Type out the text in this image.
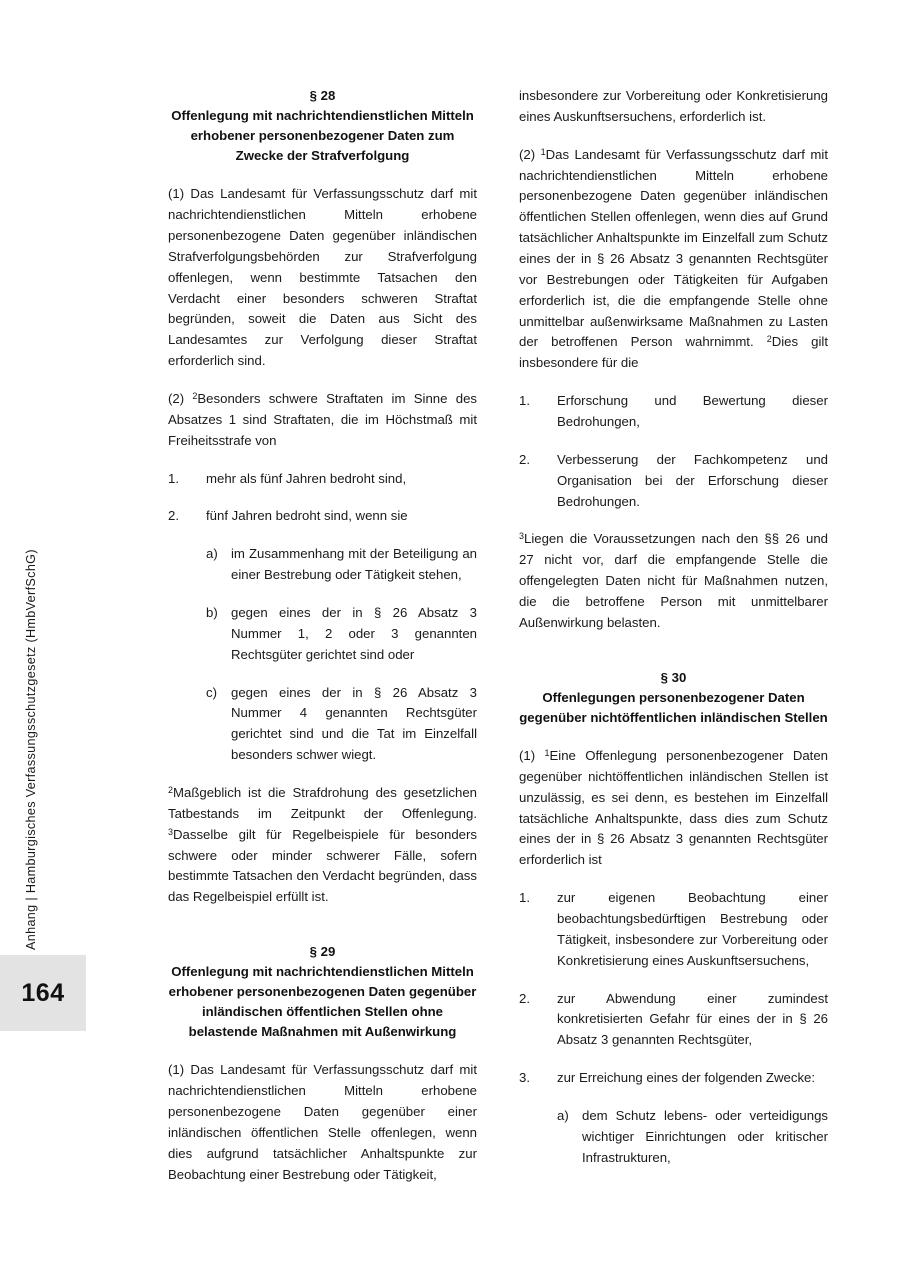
Anhang | Hamburgisches Verfassungsschutzgesetz (HmbVerfSchG)
164
§ 28
Offenlegung mit nachrichtendienstlichen Mitteln erhobener personenbezogener Daten zum Zwecke der Strafverfolgung

(1) Das Landesamt für Verfassungsschutz darf mit nachrichtendienstlichen Mitteln erhobene personenbezogene Daten gegenüber inländischen Strafverfolgungsbehörden zur Strafverfolgung offenlegen, wenn bestimmte Tatsachen den Verdacht einer besonders schweren Straftat begründen, soweit die Daten aus Sicht des Landesamtes zur Verfolgung dieser Straftat erforderlich sind.

(2) $^2$Besonders schwere Straftaten im Sinne des Absatzes 1 sind Straftaten, die im Höchstmaß mit Freiheitsstrafe von

1.	mehr als fünf Jahren bedroht sind,
2.	fünf Jahren bedroht sind, wenn sie
a)	im Zusammenhang mit der Beteiligung an einer Bestrebung oder Tätigkeit stehen,
b)	gegen eines der in § 26 Absatz 3 Nummer 1, 2 oder 3 genannten Rechtsgüter gerichtet sind oder
c)	gegen eines der in § 26 Absatz 3 Nummer 4 genannten Rechtsgüter gerichtet sind und die Tat im Einzelfall besonders schwer wiegt.

$^2$Maßgeblich ist die Strafdrohung des gesetzlichen Tatbestands im Zeitpunkt der Offenlegung. $^3$Dasselbe gilt für Regelbeispiele für besonders schwere oder minder schwerer Fälle, sofern bestimmte Tatsachen den Verdacht begründen, dass das Regelbeispiel erfüllt ist.

§ 29
Offenlegung mit nachrichtendienstlichen Mitteln erhobener personenbezogenen Daten gegenüber inländischen öffentlichen Stellen ohne belastende Maßnahmen mit Außenwirkung

(1) Das Landesamt für Verfassungsschutz darf mit nachrichtendienstlichen Mitteln erhobene personenbezogene Daten gegenüber einer inländischen öffentlichen Stelle offenlegen, wenn dies aufgrund tatsächlicher Anhaltspunkte zur Beobachtung einer Bestrebung oder Tätigkeit,

insbesondere zur Vorbereitung oder Konkretisierung eines Auskunftsersuchens, erforderlich ist.

(2) $^1$Das Landesamt für Verfassungsschutz darf mit nachrichtendienstlichen Mitteln erhobene personenbezogene Daten gegenüber inländischen öffentlichen Stellen offenlegen, wenn dies auf Grund tatsächlicher Anhaltspunkte im Einzelfall zum Schutz eines der in § 26 Absatz 3 genannten Rechtsgüter vor Bestrebungen oder Tätigkeiten für Aufgaben erforderlich ist, die die empfangende Stelle ohne unmittelbar außenwirksame Maßnahmen zu Lasten der betroffenen Person wahrnimmt. $^2$Dies gilt insbesondere für die

1.	Erforschung und Bewertung dieser Bedrohungen,
2.	Verbesserung der Fachkompetenz und Organisation bei der Erforschung dieser Bedrohungen.

$^3$Liegen die Voraussetzungen nach den §§ 26 und 27 nicht vor, darf die empfangende Stelle die offengelegten Daten nicht für Maßnahmen nutzen, die die betroffene Person mit unmittelbarer Außenwirkung belasten.

§ 30
Offenlegungen personenbezogener Daten gegenüber nichtöffentlichen inländischen Stellen

(1) $^1$Eine Offenlegung personenbezogener Daten gegenüber nichtöffentlichen inländischen Stellen ist unzulässig, es sei denn, es bestehen im Einzelfall tatsächliche Anhaltspunkte, dass dies zum Schutz eines der in § 26 Absatz 3 genannten Rechtsgüter erforderlich ist

1.	zur eigenen Beobachtung einer beobachtungsbedürftigen Bestrebung oder Tätigkeit, insbesondere zur Vorbereitung oder Konkretisierung eines Auskunftsersuchens,
2.	zur Abwendung einer zumindest konkretisierten Gefahr für eines der in § 26 Absatz 3 genannten Rechtsgüter,
3.	zur Erreichung eines der folgenden Zwecke:
a)	dem Schutz lebens- oder verteidigungs wichtiger Einrichtungen oder kritischer Infrastrukturen,
